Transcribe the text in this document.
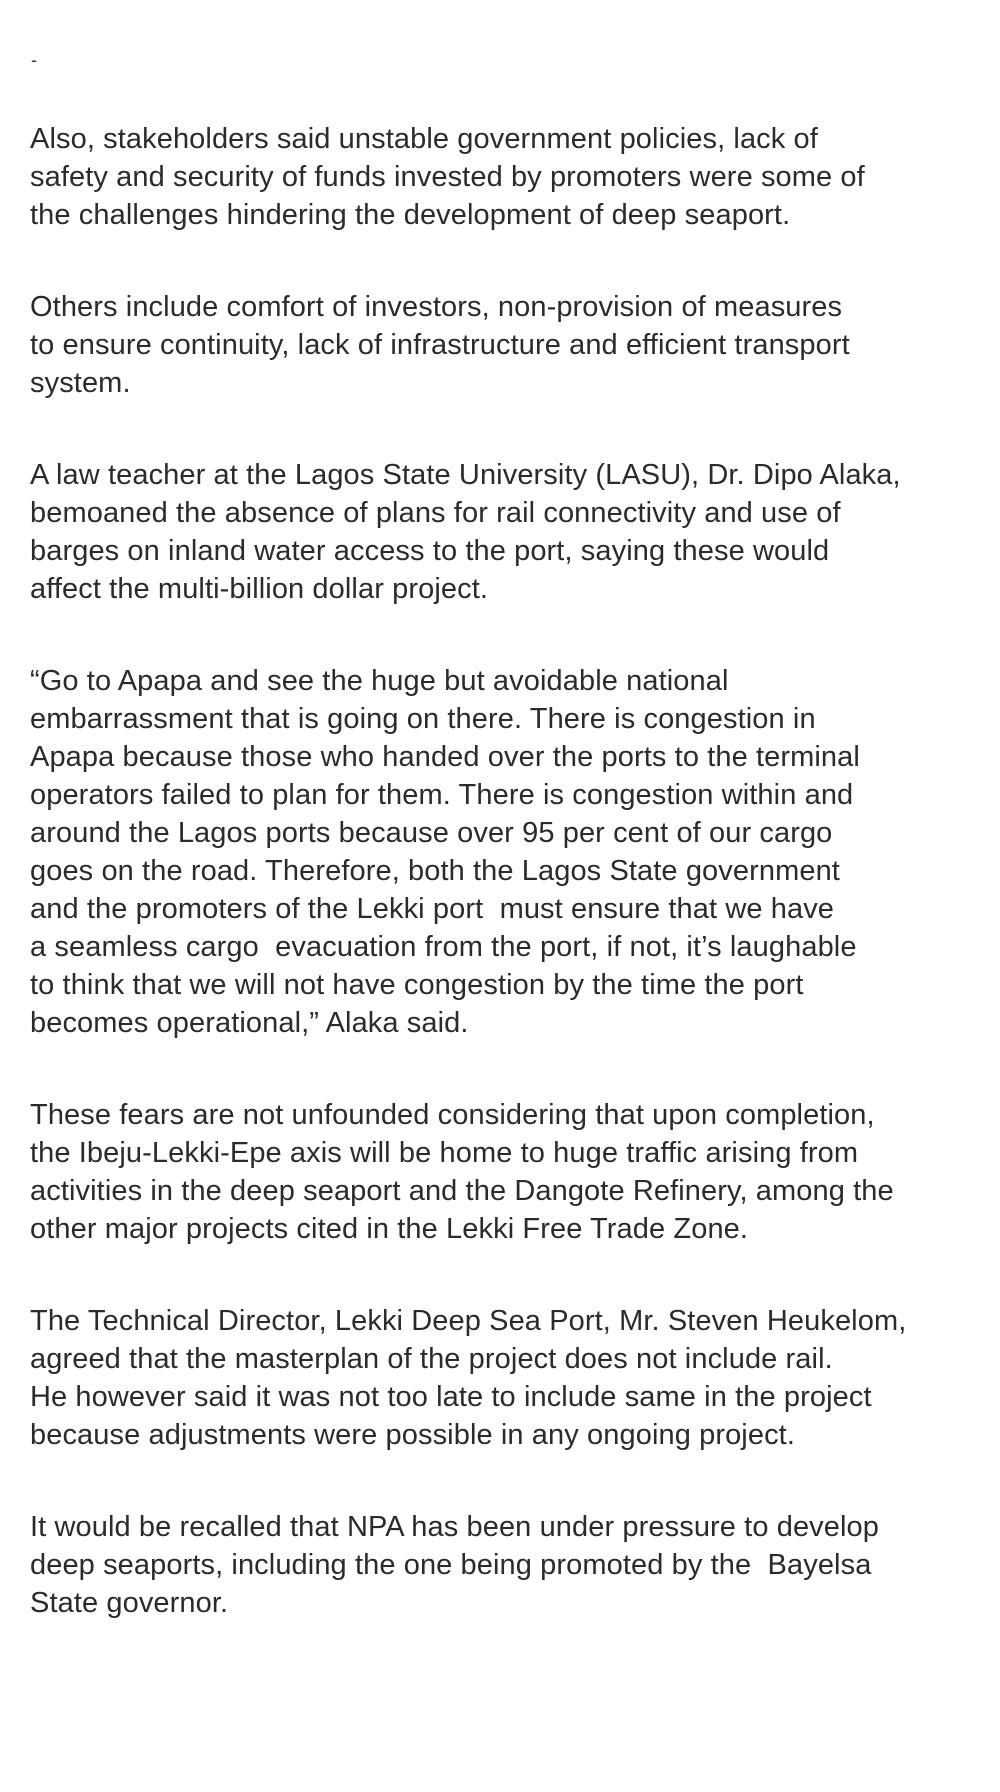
-

Also, stakeholders said unstable government policies, lack of
safety and security of funds invested by promoters were some of
the challenges hindering the development of deep seaport.

Others include comfort of investors, non-provision of measures
to ensure continuity, lack of infrastructure and efficient transport
system.

A law teacher at the Lagos State University (LASU), Dr. Dipo Alaka,
bemoaned the absence of plans for rail connectivity and use of
barges on inland water access to the port, saying these would
affect the multi-billion dollar project.

“Go to Apapa and see the huge but avoidable national
embarrassment that is going on there. There is congestion in
Apapa because those who handed over the ports to the terminal
operators failed to plan for them. There is congestion within and
around the Lagos ports because over 95 per cent of our cargo
goes on the road. Therefore, both the Lagos State government
and the promoters of the Lekki port  must ensure that we have
a seamless cargo  evacuation from the port, if not, it’s laughable
to think that we will not have congestion by the time the port
becomes operational,” Alaka said.

These fears are not unfounded considering that upon completion,
the Ibeju-Lekki-Epe axis will be home to huge traffic arising from
activities in the deep seaport and the Dangote Refinery, among the
other major projects cited in the Lekki Free Trade Zone.

The Technical Director, Lekki Deep Sea Port, Mr. Steven Heukelom,
agreed that the masterplan of the project does not include rail.
He however said it was not too late to include same in the project
because adjustments were possible in any ongoing project.

It would be recalled that NPA has been under pressure to develop
deep seaports, including the one being promoted by the  Bayelsa
State governor.
